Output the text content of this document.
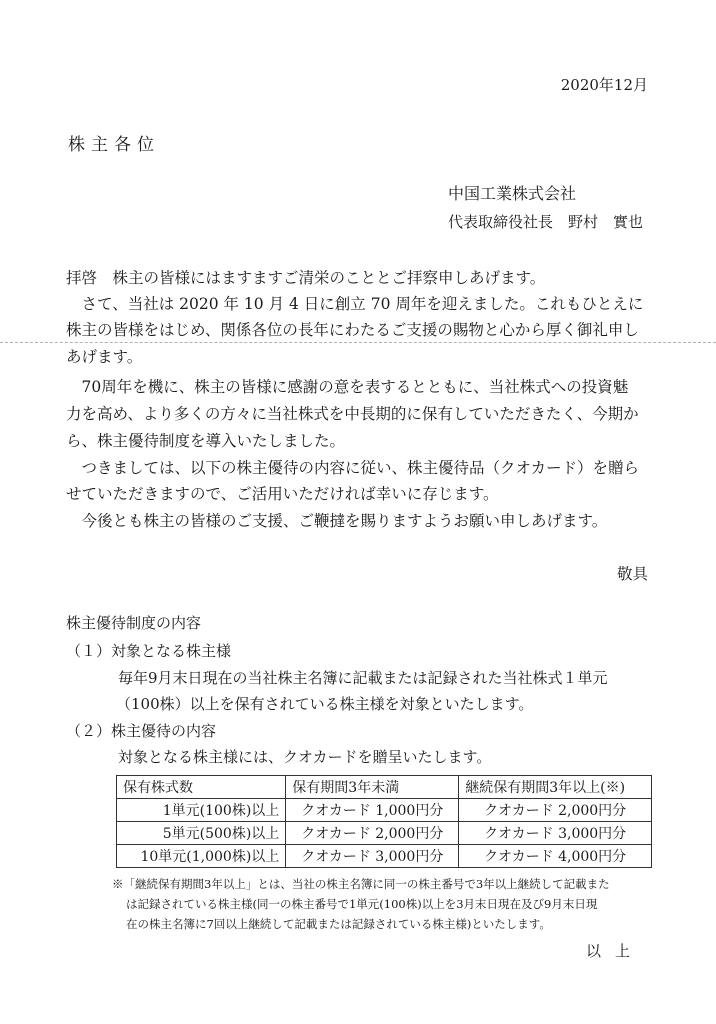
2020年12月
株主各位
中国工業株式会社
代表取締役社長　野村　實也
拝啓　株主の皆様にはますますご清栄のこととご拝察申しあげます。
　さて、当社は 2020 年 10 月 4 日に創立 70 周年を迎えました。これもひとえに
株主の皆様をはじめ、関係各位の長年にわたるご支援の賜物と心から厚く御礼申し
あげます。
　70周年を機に、株主の皆様に感謝の意を表するとともに、当社株式への投資魅
力を高め、より多くの方々に当社株式を中長期的に保有していただきたく、今期か
ら、株主優待制度を導入いたしました。
　つきましては、以下の株主優待の内容に従い、株主優待品（クオカード）を贈ら
せていただきますので、ご活用いただければ幸いに存じます。
　今後とも株主の皆様のご支援、ご鞭撻を賜りますようお願い申しあげます。
敬具
株主優待制度の内容
（１）対象となる株主様
毎年9月末日現在の当社株主名簿に記載または記録された当社株式１単元
（100株）以上を保有されている株主様を対象といたします。
（２）株主優待の内容
対象となる株主様には、クオカードを贈呈いたします。
保有株式数	保有期間3年未満	継続保有期間3年以上(※)
1単元(100株)以上	クオカード 1,000円分	クオカード 2,000円分
5単元(500株)以上	クオカード 2,000円分	クオカード 3,000円分
10単元(1,000株)以上	クオカード 3,000円分	クオカード 4,000円分
※「継続保有期間3年以上」とは、当社の株主名簿に同一の株主番号で3年以上継続して記載また
は記録されている株主様(同一の株主番号で1単元(100株)以上を3月末日現在及び9月末日現
在の株主名簿に7回以上継続して記載または記録されている株主様)といたします。
以上
